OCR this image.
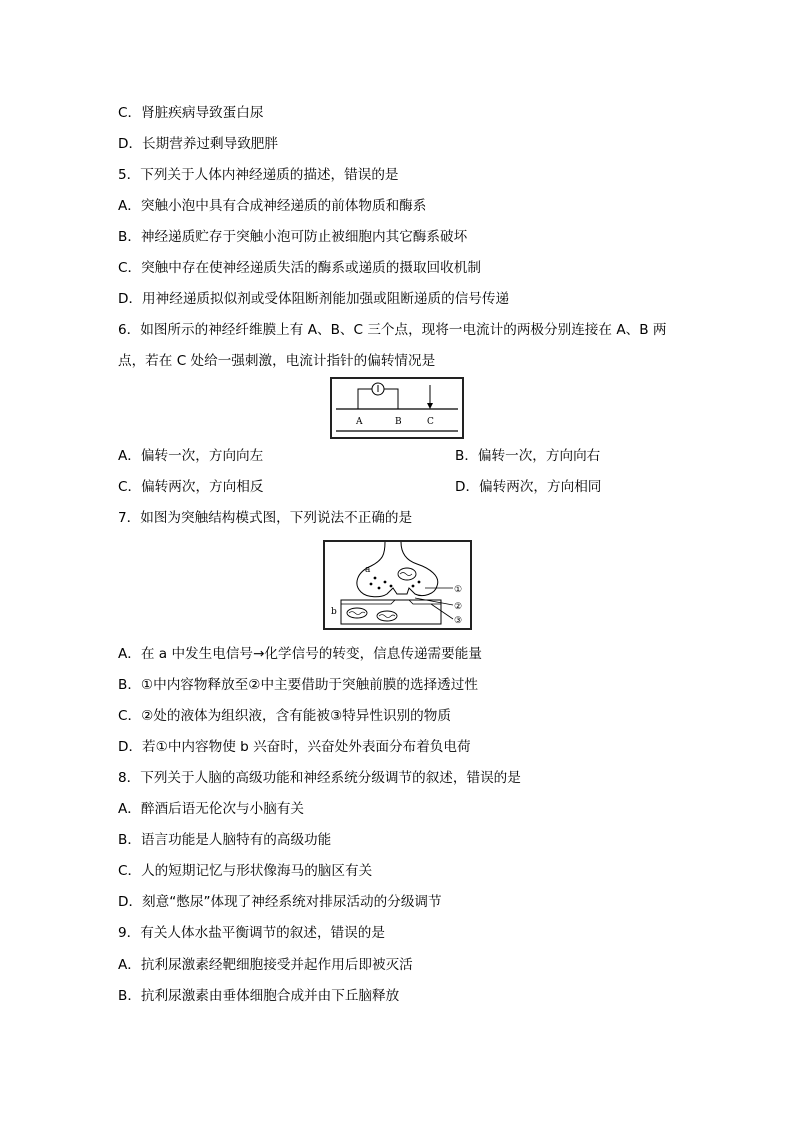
C．肾脏疾病导致蛋白尿
D．长期营养过剩导致肥胖
5．下列关于人体内神经递质的描述，错误的是
A．突触小泡中具有合成神经递质的前体物质和酶系
B．神经递质贮存于突触小泡可防止被细胞内其它酶系破坏
C．突触中存在使神经递质失活的酶系或递质的摄取回收机制
D．用神经递质拟似剂或受体阻断剂能加强或阻断递质的信号传递
6．如图所示的神经纤维膜上有 A、B、C 三个点，现将一电流计的两极分别连接在 A、B 两
点，若在 C 处给一强刺激，电流计指针的偏转情况是
A	B	C
A．偏转一次，方向向左	B．偏转一次，方向向右
C．偏转两次，方向相反	D．偏转两次，方向相同
7．如图为突触结构模式图，下列说法不正确的是
a
b
①
②
③
A．在 a 中发生电信号→化学信号的转变，信息传递需要能量
B．①中内容物释放至②中主要借助于突触前膜的选择透过性
C．②处的液体为组织液，含有能被③特异性识别的物质
D．若①中内容物使 b 兴奋时，兴奋处外表面分布着负电荷
8．下列关于人脑的高级功能和神经系统分级调节的叙述，错误的是
A．醉酒后语无伦次与小脑有关
B．语言功能是人脑特有的高级功能
C．人的短期记忆与形状像海马的脑区有关
D．刻意“憋尿”体现了神经系统对排尿活动的分级调节
9．有关人体水盐平衡调节的叙述，错误的是
A．抗利尿激素经靶细胞接受并起作用后即被灭活
B．抗利尿激素由垂体细胞合成并由下丘脑释放
